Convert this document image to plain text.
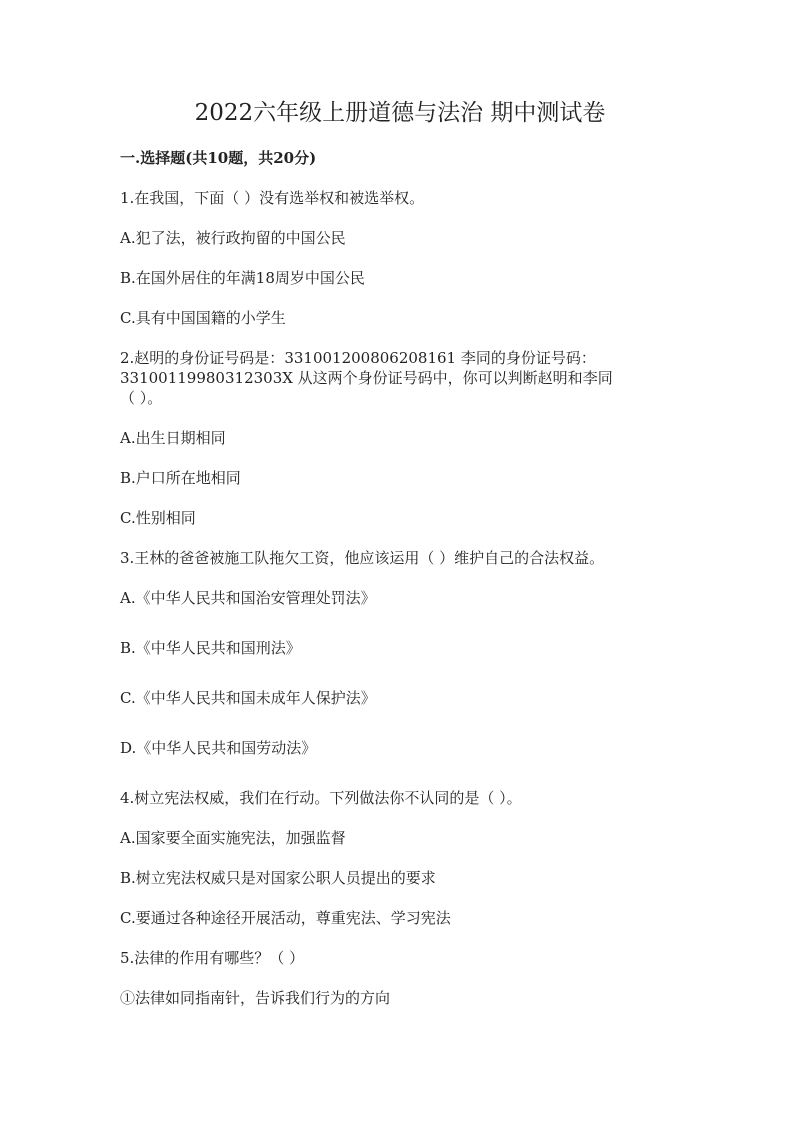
2022六年级上册道德与法治 期中测试卷
一.选择题(共10题，共20分)

1.在我国，下面（ ）没有选举权和被选举权。

A.犯了法，被行政拘留的中国公民

B.在国外居住的年满18周岁中国公民

C.具有中国国籍的小学生

2.赵明的身份证号码是：331001200806208161 李同的身份证号码：

33100119980312303X 从这两个身份证号码中，你可以判断赵明和李同

（ ）。

A.出生日期相同

B.户口所在地相同

C.性别相同

3.王林的爸爸被施工队拖欠工资，他应该运用（ ）维护自己的合法权益。

A.《中华人民共和国治安管理处罚法》

B.《中华人民共和国刑法》

C.《中华人民共和国未成年人保护法》

D.《中华人民共和国劳动法》

4.树立宪法权威，我们在行动。下列做法你不认同的是（ ）。

A.国家要全面实施宪法，加强监督

B.树立宪法权威只是对国家公职人员提出的要求

C.要通过各种途径开展活动，尊重宪法、学习宪法

5.法律的作用有哪些？（ ）

①法律如同指南针，告诉我们行为的方向
